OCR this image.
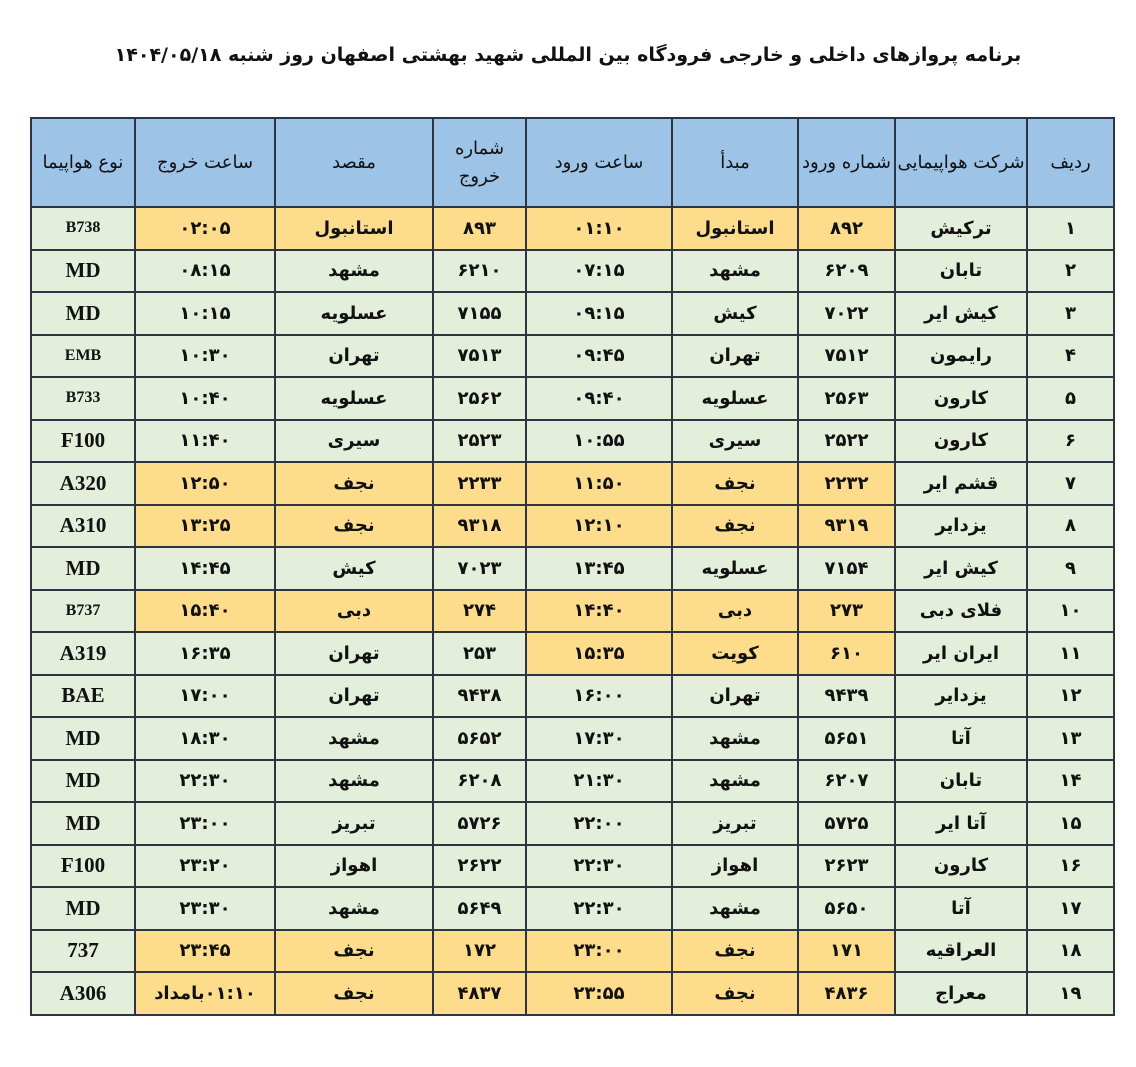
برنامه پروازهای داخلی و خارجی فرودگاه بین المللی شهید بهشتی اصفهان روز شنبه ۱۴۰۴/۰۵/۱۸
ردیف	شرکت هواپیمایی	شماره ورود	مبدأ	ساعت ورود	شماره خروج	مقصد	ساعت خروج	نوع هواپیما
۱	ترکیش	۸۹۲	استانبول	۰۱:۱۰	۸۹۳	استانبول	۰۲:۰۵	B738
۲	تابان	۶۲۰۹	مشهد	۰۷:۱۵	۶۲۱۰	مشهد	۰۸:۱۵	MD
۳	کیش ایر	۷۰۲۲	کیش	۰۹:۱۵	۷۱۵۵	عسلویه	۱۰:۱۵	MD
۴	رایمون	۷۵۱۲	تهران	۰۹:۴۵	۷۵۱۳	تهران	۱۰:۳۰	EMB
۵	کارون	۲۵۶۳	عسلویه	۰۹:۴۰	۲۵۶۲	عسلویه	۱۰:۴۰	B733
۶	کارون	۲۵۲۲	سیری	۱۰:۵۵	۲۵۲۳	سیری	۱۱:۴۰	F100
۷	قشم ایر	۲۲۳۲	نجف	۱۱:۵۰	۲۲۳۳	نجف	۱۲:۵۰	A320
۸	یزدایر	۹۳۱۹	نجف	۱۲:۱۰	۹۳۱۸	نجف	۱۳:۲۵	A310
۹	کیش ایر	۷۱۵۴	عسلویه	۱۳:۴۵	۷۰۲۳	کیش	۱۴:۴۵	MD
۱۰	فلای دبی	۲۷۳	دبی	۱۴:۴۰	۲۷۴	دبی	۱۵:۴۰	B737
۱۱	ایران ایر	۶۱۰	کویت	۱۵:۳۵	۲۵۳	تهران	۱۶:۳۵	A319
۱۲	یزدایر	۹۴۳۹	تهران	۱۶:۰۰	۹۴۳۸	تهران	۱۷:۰۰	BAE
۱۳	آتا	۵۶۵۱	مشهد	۱۷:۳۰	۵۶۵۲	مشهد	۱۸:۳۰	MD
۱۴	تابان	۶۲۰۷	مشهد	۲۱:۳۰	۶۲۰۸	مشهد	۲۲:۳۰	MD
۱۵	آتا ایر	۵۷۲۵	تبریز	۲۲:۰۰	۵۷۲۶	تبریز	۲۳:۰۰	MD
۱۶	کارون	۲۶۲۳	اهواز	۲۲:۳۰	۲۶۲۲	اهواز	۲۳:۲۰	F100
۱۷	آتا	۵۶۵۰	مشهد	۲۲:۳۰	۵۶۴۹	مشهد	۲۳:۳۰	MD
۱۸	العراقیه	۱۷۱	نجف	۲۳:۰۰	۱۷۲	نجف	۲۳:۴۵	737
۱۹	معراج	۴۸۳۶	نجف	۲۳:۵۵	۴۸۳۷	نجف	۰۱:۱۰بامداد	A306
